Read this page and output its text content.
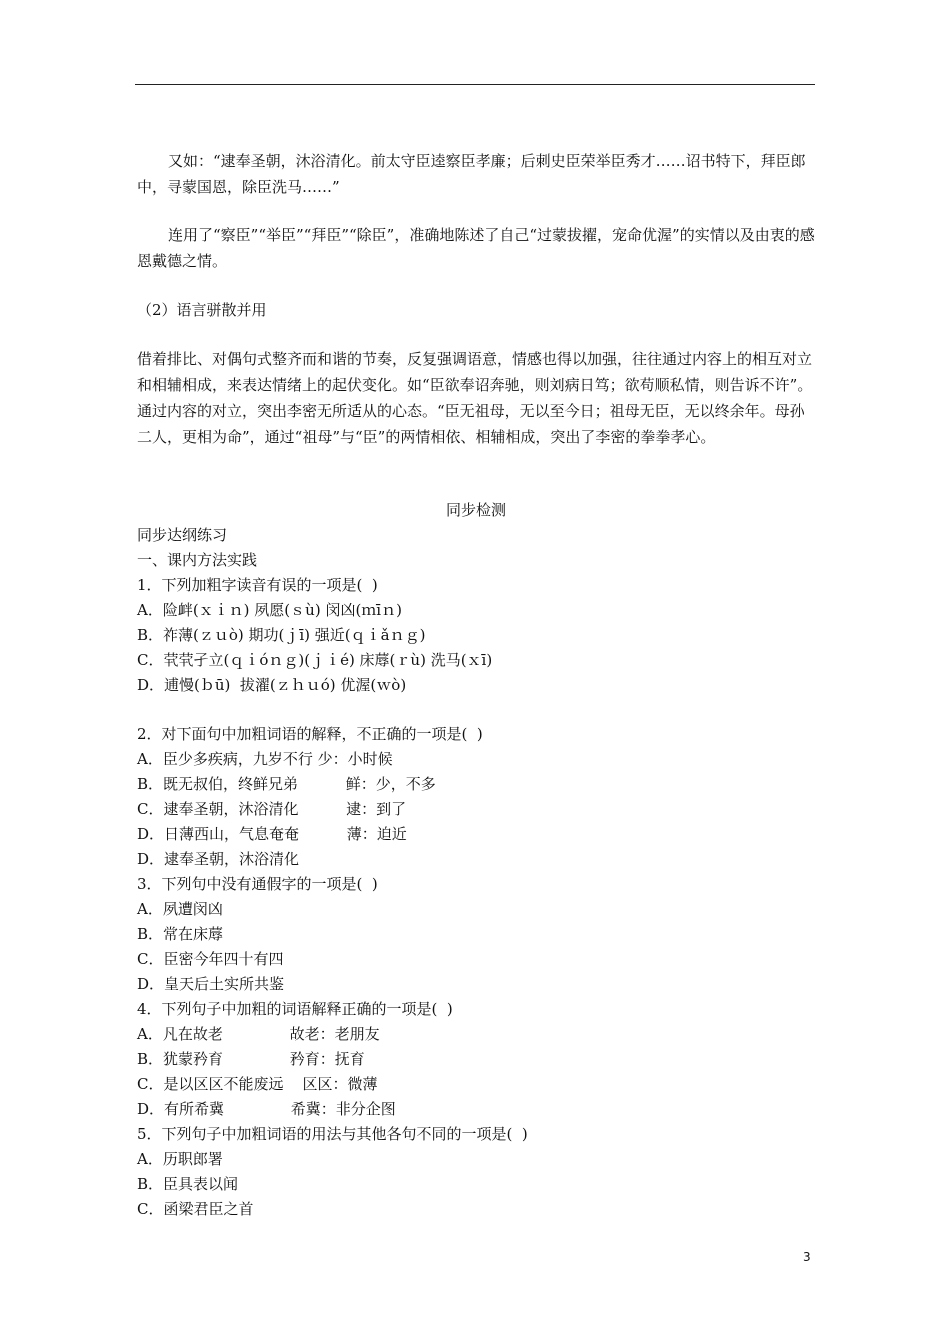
又如：“逮奉圣朝，沐浴清化。前太守臣逵察臣孝廉；后刺史臣荣举臣秀才……诏书特下，拜臣郎中，寻蒙国恩，除臣洗马……”

连用了“察臣”“举臣”“拜臣”“除臣”，准确地陈述了自己“过蒙拔擢，宠命优渥”的实情以及由衷的感恩戴德之情。

（2）语言骈散并用

借着排比、对偶句式整齐而和谐的节奏，反复强调语意，情感也得以加强，往往通过内容上的相互对立和相辅相成，来表达情绪上的起伏变化。如“臣欲奉诏奔驰，则刘病日笃；欲苟顺私情，则告诉不许”。通过内容的对立，突出李密无所适从的心态。“臣无祖母，无以至今日；祖母无臣，无以终余年。母孙二人，更相为命”，通过“祖母”与“臣”的两情相依、相辅相成，突出了李密的拳拳孝心。

同步检测
同步达纲练习
一、课内方法实践
1．下列加粗字读音有误的一项是(  )
A．险衅(ｘｉｎ) 夙愿(ｓù) 闵凶(ｍīｎ)
B．祚薄(ｚｕò) 期功(ｊī) 强近(ｑｉǎｎｇ)
C．茕茕孑立(ｑｉóｎｇ)(ｊｉé) 床蓐(ｒù) 洗马(ｘī)
D．逋慢(ｂū)  拔濯(ｚｈｕó) 优渥(ｗò)
2．对下面句中加粗词语的解释，不正确的一项是(  )
A．臣少多疾病，九岁不行 少：小时候
B．既无叔伯，终鲜兄弟          鲜：少，不多
C．逮奉圣朝，沐浴清化          逮：到了
D．日薄西山，气息奄奄          薄：迫近
D．逮奉圣朝，沐浴清化
3．下列句中没有通假字的一项是(  )
A．夙遭闵凶
B．常在床蓐
C．臣密今年四十有四
D．皇天后土实所共鉴
4．下列句子中加粗的词语解释正确的一项是(  )
A．凡在故老              故老：老朋友
B．犹蒙矜育              矜育：抚育
C．是以区区不能废远    区区：微薄
D．有所希冀              希冀：非分企图
5．下列句子中加粗词语的用法与其他各句不同的一项是(  )
A．历职郎署
B．臣具表以闻
C．函梁君臣之首
3
